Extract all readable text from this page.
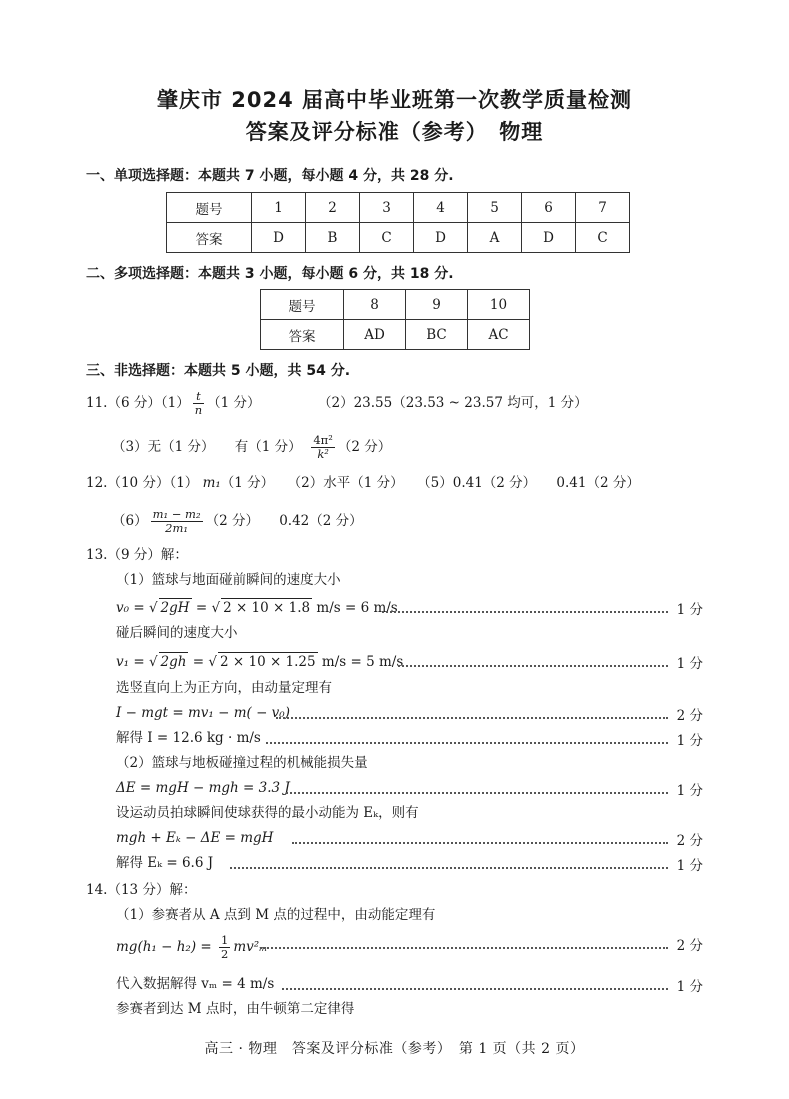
肇庆市 2024 届高中毕业班第一次教学质量检测
答案及评分标准（参考）　物理
一、单项选择题：本题共 7 小题，每小题 4 分，共 28 分.
题号	1	2	3	4	5	6	7
答案	D	B	C	D	A	D	C
二、多项选择题：本题共 3 小题，每小题 6 分，共 18 分.
题号	8	9	10
答案	AD	BC	AC
三、非选择题：本题共 5 小题，共 54 分.
11.（6 分）$(1) \frac{t}{n} (1$ 分）	（2）23.55（23.53 ~ 23.57 均可，1 分）
（3）无（1 分）　　有（1 分）　 $\frac{\text{4π²}}{\text{k²}} (2$ 分）
12.（10 分）（1） m₁（1 分）　　（2）水平（1 分）　　（5）0.41（2 分）　　0.41（2 分）
$(6) \frac{\text{m₁ − m₂}}{\text{2m₁}} (2$ 分）　　0.42（2 分）
13.（9 分）解：
（1）篮球与地面碰前瞬间的速度大小
v₀ = √ 2gH = √ 2 × 10 × 1.8 m/s = 6 m/s	1 分
碰后瞬间的速度大小
v₁ = √ 2gh = √ 2 × 10 × 1.25 m/s = 5 m/s	1 分
选竖直向上为正方向，由动量定理有
I − mgt = mv₁ − m( − v₀)	2 分
解得 I = 12.6 kg · m/s	1 分
（2）篮球与地板碰撞过程的机械能损失量
ΔE = mgH − mgh = 3.3 J	1 分
设运动员拍球瞬间使球获得的最小动能为 Eₖ，则有
mgh + Eₖ − ΔE = mgH	2 分
解得 Eₖ = 6.6 J	1 分
14.（13 分）解：
（1）参赛者从 A 点到 M 点的过程中，由动能定理有
$mg(h_1 - h_2) = \frac{1}{2} mv^2_m$	2 分
代入数据解得 vₘ = 4 m/s	1 分
参赛者到达 M 点时，由牛顿第二定律得
高三 · 物理　答案及评分标准（参考）　第 1 页（共 2 页）
